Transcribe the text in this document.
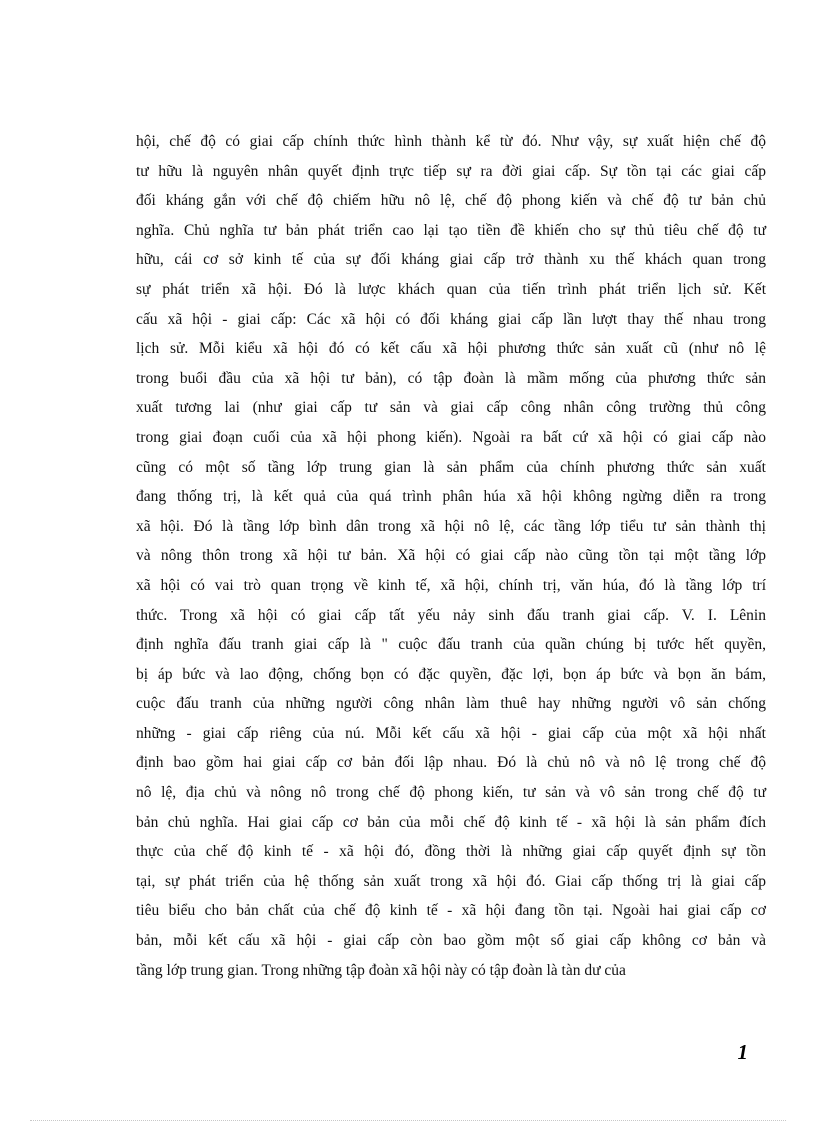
hội, chế độ có giai cấp chính thức hình thành kể từ đó. Như vậy, sự xuất hiện chế độ
tư hữu là nguyên nhân quyết định trực tiếp sự ra đời giai cấp. Sự tồn tại các giai cấp
đối kháng gắn với chế độ chiếm hữu nô lệ, chế độ phong kiến và chế độ tư bản chủ
nghĩa. Chủ nghĩa tư bản phát triển cao lại tạo tiền đề khiến cho sự thủ tiêu chế độ tư
hữu, cái cơ sở kinh tế của sự đối kháng giai cấp trở thành xu thế khách quan trong
sự phát triển xã hội. Đó là lược khách quan của tiến trình phát triển lịch sử. Kết
cấu xã hội - giai cấp: Các xã hội có đối kháng giai cấp lần lượt thay thế nhau trong
lịch sử. Mỗi kiểu xã hội đó có kết cấu xã hội phương thức sản xuất cũ (như nô lệ
trong buổi đầu của xã hội tư bản), có tập đoàn là mầm mống của phương thức sản
xuất tương lai (như giai cấp tư sản và giai cấp công nhân công trường thủ công
trong giai đoạn cuối của xã hội phong kiến). Ngoài ra bất cứ xã hội có giai cấp nào
cũng có một số tầng lớp trung gian là sản phẩm của chính phương thức sản xuất
đang thống trị, là kết quả của quá trình phân húa xã hội không ngừng diễn ra trong
xã hội. Đó là tầng lớp bình dân trong xã hội nô lệ, các tầng lớp tiểu tư sản thành thị
và nông thôn trong xã hội tư bản. Xã hội có giai cấp nào cũng tồn tại một tầng lớp
xã hội có vai trò quan trọng về kinh tế, xã hội, chính trị, văn húa, đó là tầng lớp trí
thức. Trong xã hội có giai cấp tất yếu nảy sinh đấu tranh giai cấp. V. I. Lênin
định nghĩa đấu tranh giai cấp là " cuộc đấu tranh của quần chúng bị tước hết quyền,
bị áp bức và lao động, chống bọn có đặc quyền, đặc lợi, bọn áp bức và bọn ăn bám,
cuộc đấu tranh của những người công nhân làm thuê hay những người vô sản chống
những - giai cấp riêng của nú. Mỗi kết cấu xã hội - giai cấp của một xã hội nhất
định bao gồm hai giai cấp cơ bản đối lập nhau. Đó là chủ nô và nô lệ trong chế độ
nô lệ, địa chủ và nông nô trong chế độ phong kiến, tư sản và vô sản trong chế độ tư
bản chủ nghĩa. Hai giai cấp cơ bản của mỗi chế độ kinh tế - xã hội là sản phẩm đích
thực của chế độ kinh tế - xã hội đó, đồng thời là những giai cấp quyết định sự tồn
tại, sự phát triển của hệ thống sản xuất trong xã hội đó. Giai cấp thống trị là giai cấp
tiêu biểu cho bản chất của chế độ kinh tế - xã hội đang tồn tại. Ngoài hai giai cấp cơ
bản, mỗi kết cấu xã hội - giai cấp còn bao gồm một số giai cấp không cơ bản và
tầng lớp trung gian. Trong những tập đoàn xã hội này có tập đoàn là tàn dư của
1
